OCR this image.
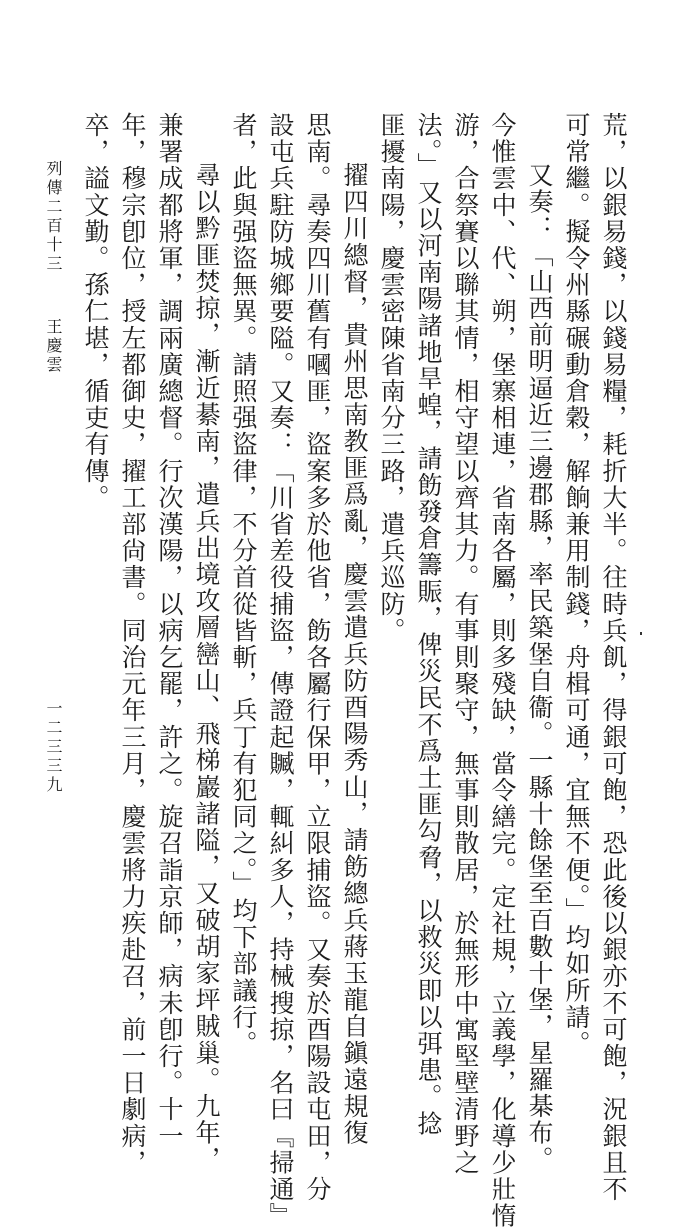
荒，以銀易錢，以錢易糧，耗折大半。往時兵飢，得銀可飽，恐此後以銀亦不可飽，況銀且不
可常繼。擬令州縣碾動倉穀，解餉兼用制錢，舟楫可通，宜無不便。」均如所請。
又奏：「山西前明逼近三邊郡縣，率民築堡自衞。一縣十餘堡至百數十堡，星羅棊布。
今惟雲中、代、朔，堡寨相連，省南各屬，則多殘缺，當令繕完。定社規，立義學，化導少壯惰
游，合祭賽以聯其情，相守望以齊其力。有事則聚守，無事則散居，於無形中寓堅壁清野之
法。」又以河南陽諸地旱蝗，請飭發倉籌賑，俾災民不爲土匪勾脅，以救災即以弭患。捻
匪擾南陽，慶雲密陳省南分三路，遣兵巡防。
擢四川總督，貴州思南教匪爲亂，慶雲遣兵防酉陽秀山，請飭總兵蔣玉龍自鎭遠規復
思南。尋奏四川舊有嘓匪，盜案多於他省，飭各屬行保甲，立限捕盜。又奏於酉陽設屯田，分
設屯兵駐防城鄉要隘。又奏：「川省差役捕盜，傳證起贓，輒糾多人，持械搜掠，名曰『掃通』
者，此與强盜無異。請照强盜律，不分首從皆斬，兵丁有犯同之。」均下部議行。
尋以黔匪焚掠，漸近綦南，遣兵出境攻層巒山、飛梯巖諸隘，又破胡家坪賊巢。九年，
兼署成都將軍，調兩廣總督。行次漢陽，以病乞罷，許之。旋召詣京師，病未卽行。十一
年，穆宗卽位，授左都御史，擢工部尙書。同治元年三月，慶雲將力疾赴召，前一日劇病，
卒，謚文勤。孫仁堪，循吏有傳。
列傳二百十三
王慶雲
一二三三九
